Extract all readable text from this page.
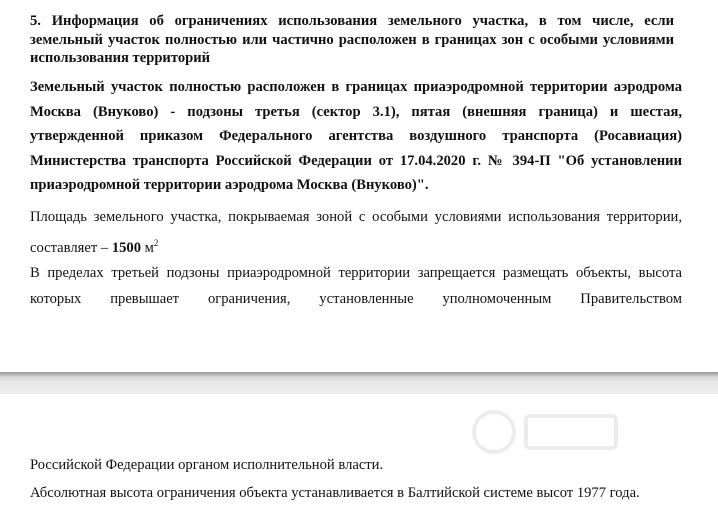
5. Информация об ограничениях использования земельного участка, в том числе, если земельный участок полностью или частично расположен в границах зон с особыми условиями использования территорий

Земельный участок полностью расположен в границах приаэродромной территории аэродрома Москва (Внуково) - подзоны третья (сектор 3.1), пятая (внешняя граница) и шестая, утвержденной приказом Федерального агентства воздушного транспорта (Росавиация) Министерства транспорта Российской Федерации от 17.04.2020 г. № 394-П "Об установлении приаэродромной территории аэродрома Москва (Внуково)".

Площадь земельного участка, покрываемая зоной с особыми условиями использования территории, составляет – 1500 $м^2$

В пределах третьей подзоны приаэродромной территории запрещается размещать объекты, высота которых превышает ограничения, установленные уполномоченным Правительством

Российской Федерации органом исполнительной власти.

Абсолютная высота ограничения объекта устанавливается в Балтийской системе высот 1977 года.
